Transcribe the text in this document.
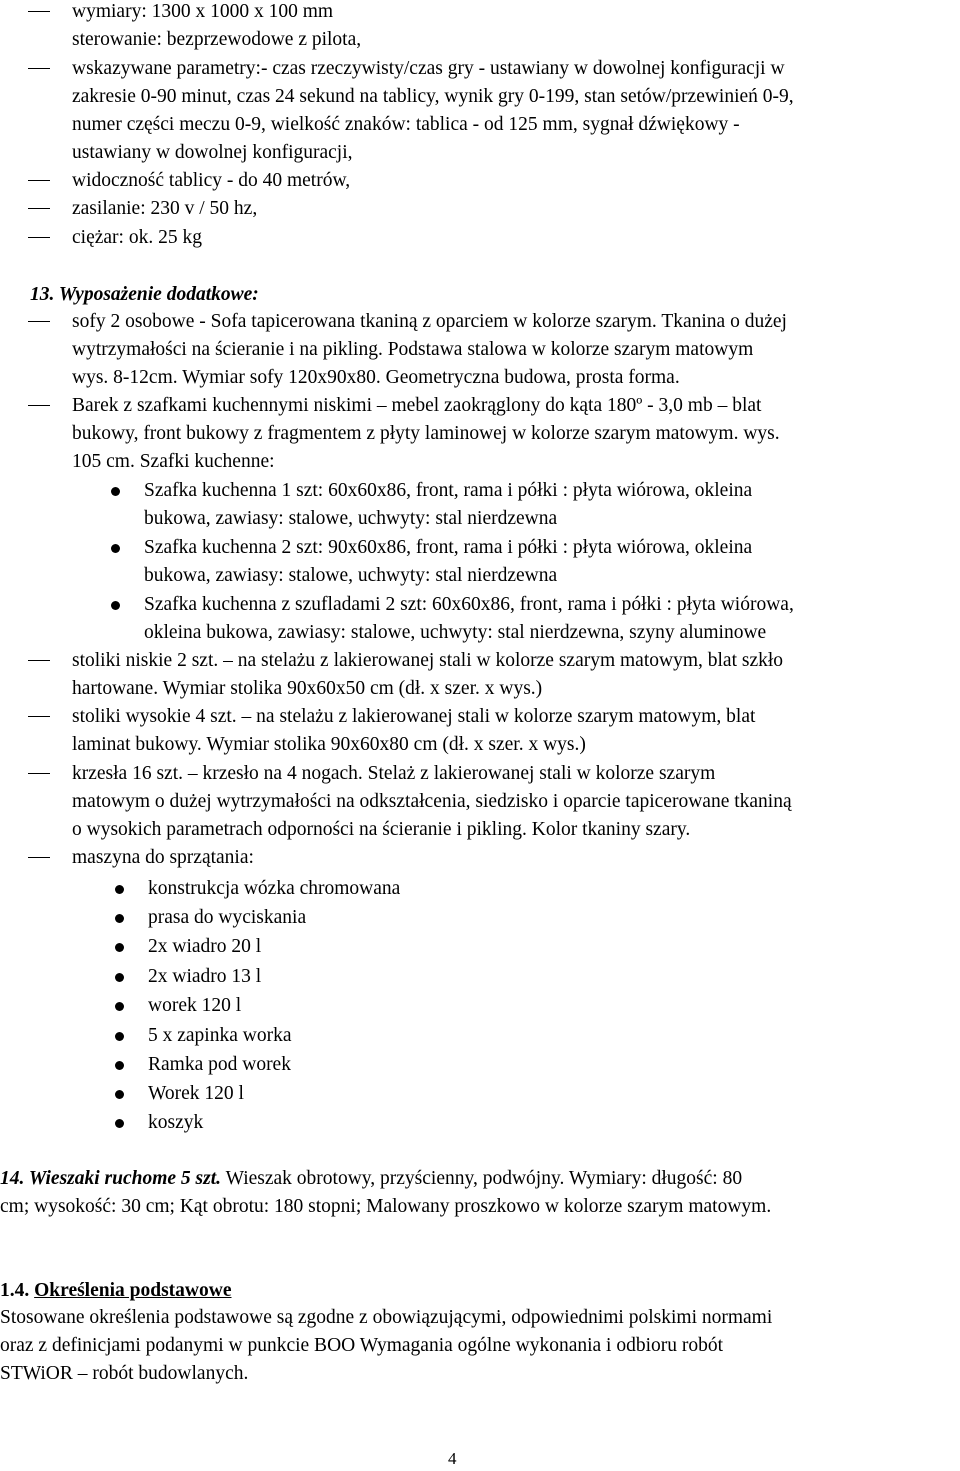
wymiary: 1300 x 1000 x 100 mm
sterowanie: bezprzewodowe z pilota,
wskazywane parametry:- czas rzeczywisty/czas gry - ustawiany w dowolnej konfiguracji w
zakresie 0-90 minut, czas 24 sekund na tablicy, wynik gry 0-199, stan setów/przewinień 0-9,
numer części meczu 0-9, wielkość znaków: tablica - od 125 mm, sygnał dźwiękowy -
ustawiany w dowolnej konfiguracji,
widoczność tablicy - do 40 metrów,
zasilanie: 230 v / 50 hz,
ciężar: ok. 25 kg
13. Wyposażenie dodatkowe:
sofy 2 osobowe - Sofa tapicerowana tkaniną z oparciem w kolorze szarym. Tkanina o dużej
wytrzymałości na ścieranie i na pikling. Podstawa stalowa w kolorze szarym matowym
wys. 8-12cm. Wymiar sofy 120x90x80. Geometryczna budowa, prosta forma.
Barek z szafkami kuchennymi niskimi – mebel zaokrąglony do kąta 180º - 3,0 mb – blat
bukowy, front bukowy z fragmentem z płyty laminowej w kolorze szarym matowym. wys.
105 cm. Szafki kuchenne:
Szafka kuchenna 1 szt: 60x60x86, front, rama i półki : płyta wiórowa, okleina
bukowa, zawiasy: stalowe, uchwyty: stal nierdzewna
Szafka kuchenna 2 szt: 90x60x86, front, rama i półki : płyta wiórowa, okleina
bukowa, zawiasy: stalowe, uchwyty: stal nierdzewna
Szafka kuchenna z szufladami 2 szt: 60x60x86, front, rama i półki : płyta wiórowa,
okleina bukowa, zawiasy: stalowe, uchwyty: stal nierdzewna, szyny aluminowe
stoliki niskie 2 szt. – na stelażu z lakierowanej stali w kolorze szarym matowym, blat szkło
hartowane. Wymiar stolika 90x60x50 cm (dł. x szer. x wys.)
stoliki wysokie 4 szt. – na stelażu z lakierowanej stali w kolorze szarym matowym, blat
laminat bukowy. Wymiar stolika 90x60x80 cm (dł. x szer. x wys.)
krzesła 16 szt. – krzesło na 4 nogach. Stelaż z lakierowanej stali w kolorze szarym
matowym o dużej wytrzymałości na odkształcenia, siedzisko i oparcie tapicerowane tkaniną
o wysokich parametrach odporności na ścieranie i pikling. Kolor tkaniny szary.
maszyna do sprzątania:
konstrukcja wózka chromowana
prasa do wyciskania
2x wiadro 20 l
2x wiadro 13 l
worek 120 l
5 x zapinka worka
Ramka pod worek
Worek 120 l
koszyk
14. Wieszaki ruchome 5 szt. Wieszak obrotowy, przyścienny, podwójny. Wymiary: długość: 80
cm; wysokość: 30 cm; Kąt obrotu: 180 stopni; Malowany proszkowo w kolorze szarym matowym.
1.4. Określenia podstawowe
Stosowane określenia podstawowe są zgodne z obowiązującymi, odpowiednimi polskimi normami
oraz z definicjami podanymi w punkcie BOO Wymagania ogólne wykonania i odbioru robót
STWiOR – robót budowlanych.
4
